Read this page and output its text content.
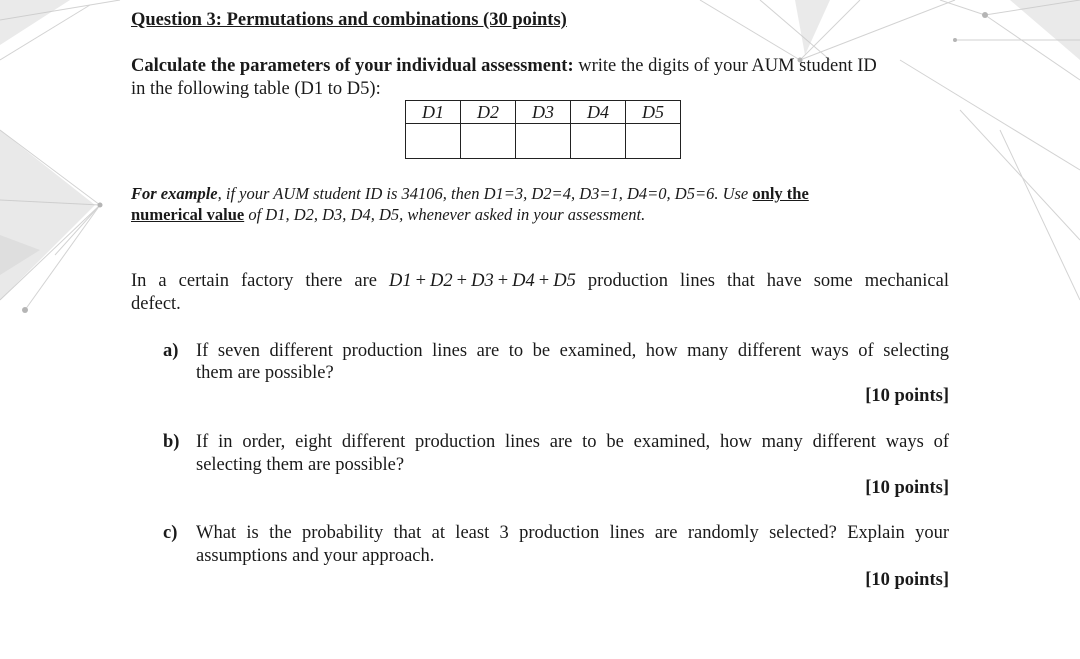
Question 3: Permutations and combinations (30 points)
Calculate the parameters of your individual assessment: write the digits of your AUM student ID
in the following table (D1 to D5):
D1	D2	D3	D4	D5

For example, if your AUM student ID is 34106, then D1=3, D2=4, D3=1, D4=0, D5=6. Use only the
numerical value of D1, D2, D3, D4, D5, whenever asked in your assessment.
In a certain factory there are D1 + D2 + D3 + D4 + D5 production lines that have some mechanical
defect.
a) If seven different production lines are to be examined, how many different ways of selecting
them are possible?
[10 points]
b) If in order, eight different production lines are to be examined, how many different ways of
selecting them are possible?
[10 points]
c) What is the probability that at least 3 production lines are randomly selected? Explain your
assumptions and your approach.
[10 points]
